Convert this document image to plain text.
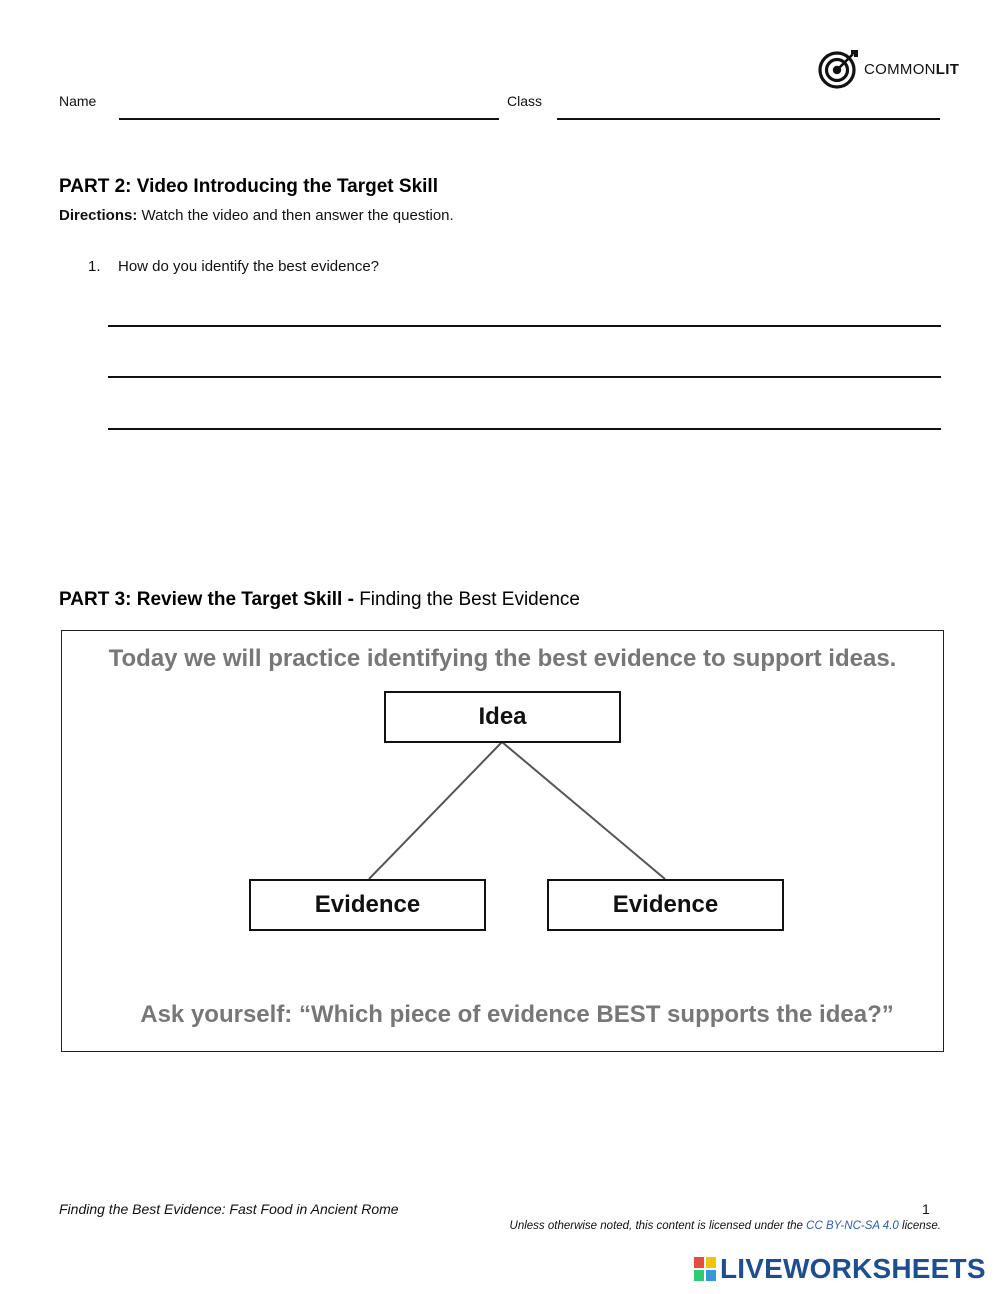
COMMONLIT
Name	Class
PART 2: Video Introducing the Target Skill
Directions: Watch the video and then answer the question.
1. How do you identify the best evidence?
PART 3: Review the Target Skill - Finding the Best Evidence
Today we will practice identifying the best evidence to support ideas.
Idea
Evidence	Evidence
Ask yourself: “Which piece of evidence BEST supports the idea?”
Finding the Best Evidence: Fast Food in Ancient Rome	1
Unless otherwise noted, this content is licensed under the CC BY-NC-SA 4.0 license.
LIVEWORKSHEETS
